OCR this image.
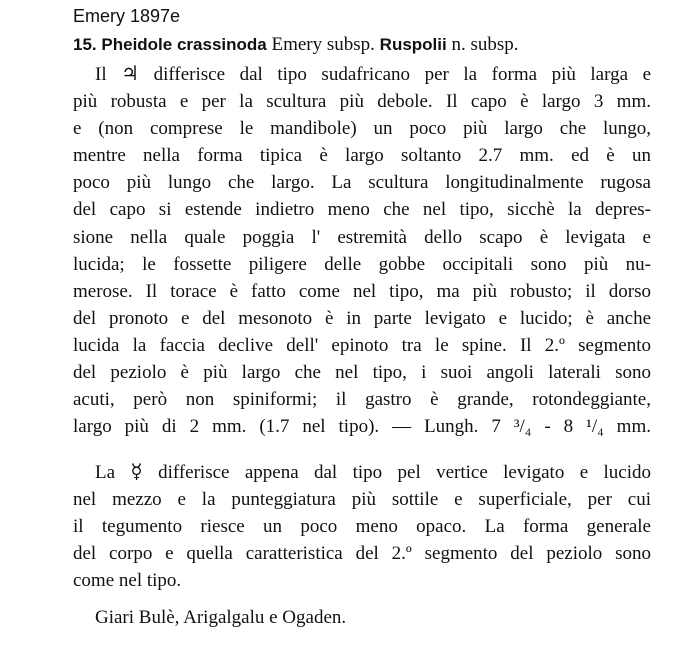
Emery 1897e
15. Pheidole crassinoda Emery subsp. Ruspolii n. subsp.
Il ♃ differisce dal tipo sudafricano per la forma più larga e
più robusta e per la scultura più debole. Il capo è largo 3 mm.
e (non comprese le mandibole) un poco più largo che lungo,
mentre nella forma tipica è largo soltanto 2.7 mm. ed è un
poco più lungo che largo. La scultura longitudinalmente rugosa
del capo si estende indietro meno che nel tipo, sicchè la depres-
sione nella quale poggia l' estremità dello scapo è levigata e
lucida; le fossette piligere delle gobbe occipitali sono più nu-
merose. Il torace è fatto come nel tipo, ma più robusto; il dorso
del pronoto e del mesonoto è in parte levigato e lucido; è anche
lucida la faccia declive dell' epinoto tra le spine. Il 2.º segmento
del peziolo è più largo che nel tipo, i suoi angoli laterali sono
acuti, però non spiniformi; il gastro è grande, rotondeggiante,
largo più di 2 mm. (1.7 nel tipo). — Lungh. 7 ³/₄ - 8 ¹/₄ mm.
La ☿ differisce appena dal tipo pel vertice levigato e lucido
nel mezzo e la punteggiatura più sottile e superficiale, per cui
il tegumento riesce un poco meno opaco. La forma generale
del corpo e quella caratteristica del 2.º segmento del peziolo sono
come nel tipo.
Giari Bulè, Arigalgalu e Ogaden.
